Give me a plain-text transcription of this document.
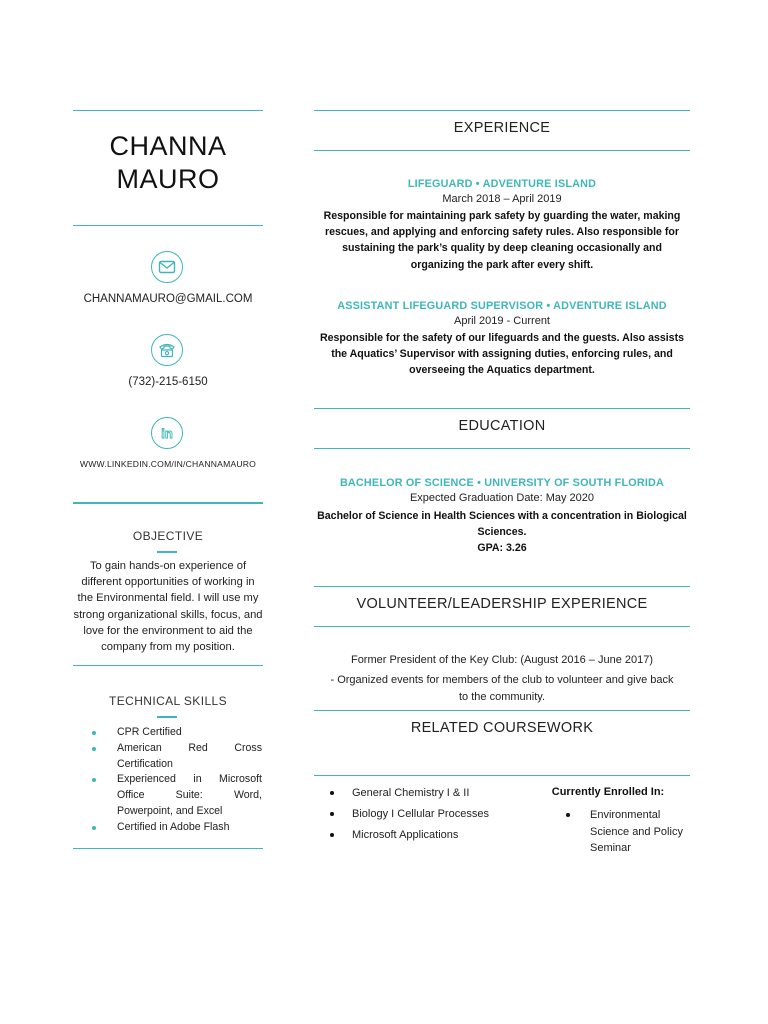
CHANNA
MAURO
CHANNAMAURO@GMAIL.COM
(732)-215-6150
in
WWW.LINKEDIN.COM/IN/CHANNAMAURO
OBJECTIVE
To gain hands-on experience of different opportunities of working in the Environmental field. I will use my strong organizational skills, focus, and love for the environment to aid the company from my position.
TECHNICAL SKILLS
CPR Certified
American Red Cross Certification
Experienced in Microsoft Office Suite: Word, Powerpoint, and Excel
Certified in Adobe Flash
EXPERIENCE
LIFEGUARD • ADVENTURE ISLAND
March 2018 – April 2019
Responsible for maintaining park safety by guarding the water, making rescues, and applying and enforcing safety rules. Also responsible for sustaining the park’s quality by deep cleaning occasionally and organizing the park after every shift.
ASSISTANT LIFEGUARD SUPERVISOR • ADVENTURE ISLAND
April 2019 - Current
Responsible for the safety of our lifeguards and the guests. Also assists the Aquatics’ Supervisor with assigning duties, enforcing rules, and overseeing the Aquatics department.
EDUCATION
BACHELOR OF SCIENCE • UNIVERSITY OF SOUTH FLORIDA
Expected Graduation Date: May 2020
Bachelor of Science in Health Sciences with a concentration in Biological Sciences.
GPA: 3.26
VOLUNTEER/LEADERSHIP EXPERIENCE
Former President of the Key Club: (August 2016 – June 2017)
- Organized events for members of the club to volunteer and give back to the community.
RELATED COURSEWORK
General Chemistry I & II
Biology I Cellular Processes
Microsoft Applications
Currently Enrolled In:
Environmental Science and Policy Seminar
